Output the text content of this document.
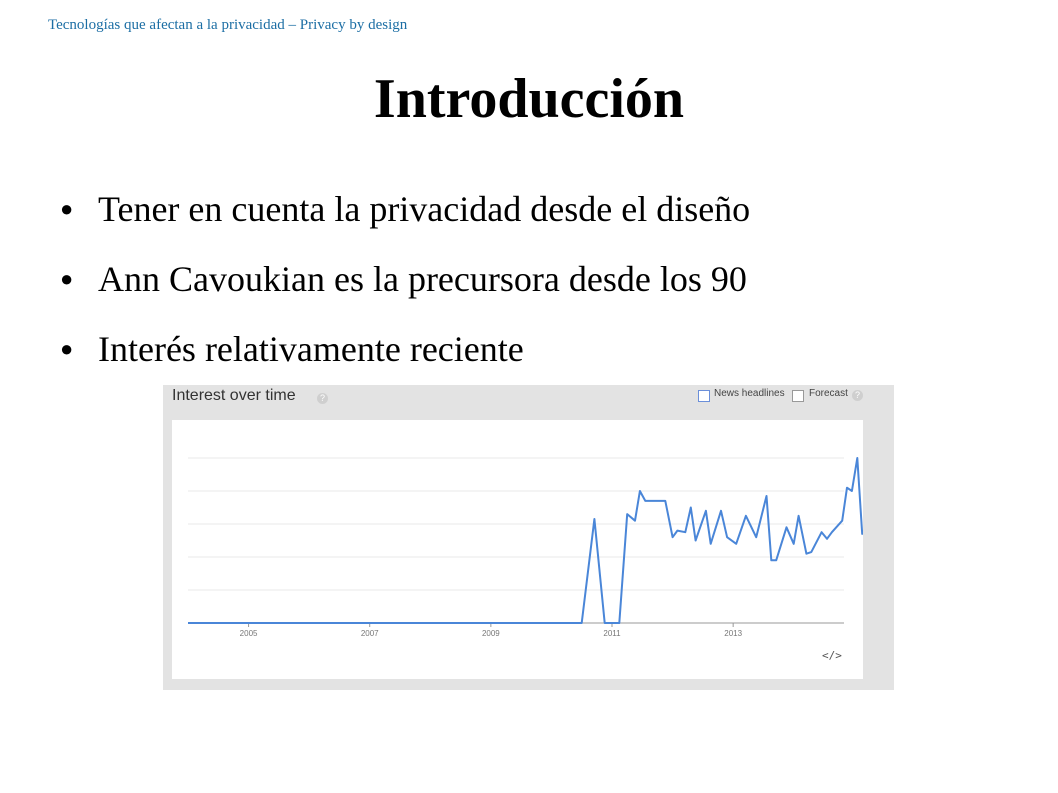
Tecnologías que afectan a la privacidad – Privacy by design
Introducción
● Tener en cuenta la privacidad desde el diseño
● Ann Cavoukian es la precursora desde los 90
● Interés relativamente reciente
Interest over time	?	News headlines Forecast ?
2005	2007	2009	2011	2013
</>
